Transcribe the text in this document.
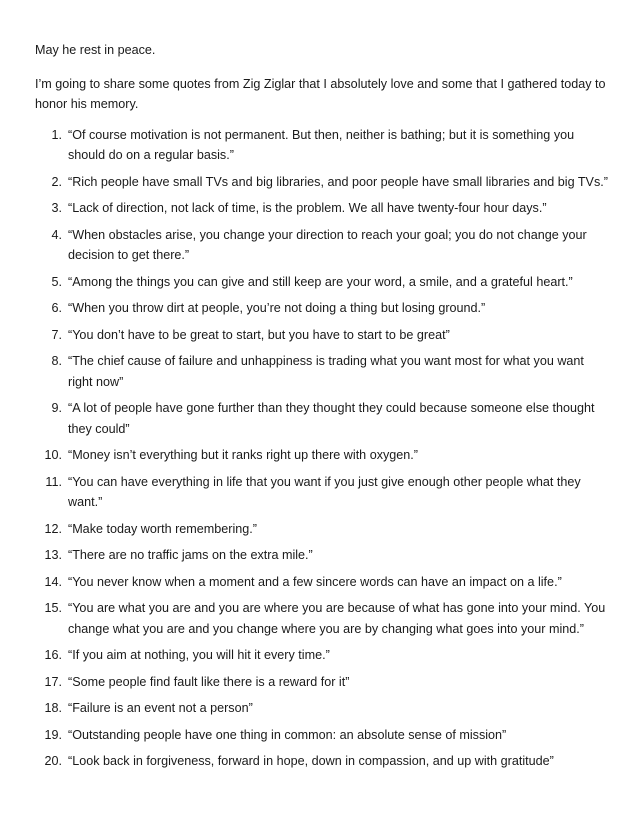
May he rest in peace.

I’m going to share some quotes from Zig Ziglar that I absolutely love and some that I gathered today to honor his memory.

1. “Of course motivation is not permanent. But then, neither is bathing; but it is something you should do on a regular basis.”
2. “Rich people have small TVs and big libraries, and poor people have small libraries and big TVs.”
3. “Lack of direction, not lack of time, is the problem. We all have twenty-four hour days.”
4. “When obstacles arise, you change your direction to reach your goal; you do not change your decision to get there.”
5. “Among the things you can give and still keep are your word, a smile, and a grateful heart.”
6. “When you throw dirt at people, you’re not doing a thing but losing ground.”
7. “You don’t have to be great to start, but you have to start to be great”
8. “The chief cause of failure and unhappiness is trading what you want most for what you want right now”
9. “A lot of people have gone further than they thought they could because someone else thought they could”
10. “Money isn’t everything but it ranks right up there with oxygen.”
11. “You can have everything in life that you want if you just give enough other people what they want.”
12. “Make today worth remembering.”
13. “There are no traffic jams on the extra mile.”
14. “You never know when a moment and a few sincere words can have an impact on a life.”
15. “You are what you are and you are where you are because of what has gone into your mind. You change what you are and you change where you are by changing what goes into your mind.”
16. “If you aim at nothing, you will hit it every time.”
17. “Some people find fault like there is a reward for it”
18. “Failure is an event not a person”
19. “Outstanding people have one thing in common: an absolute sense of mission”
20. “Look back in forgiveness, forward in hope, down in compassion, and up with gratitude”
